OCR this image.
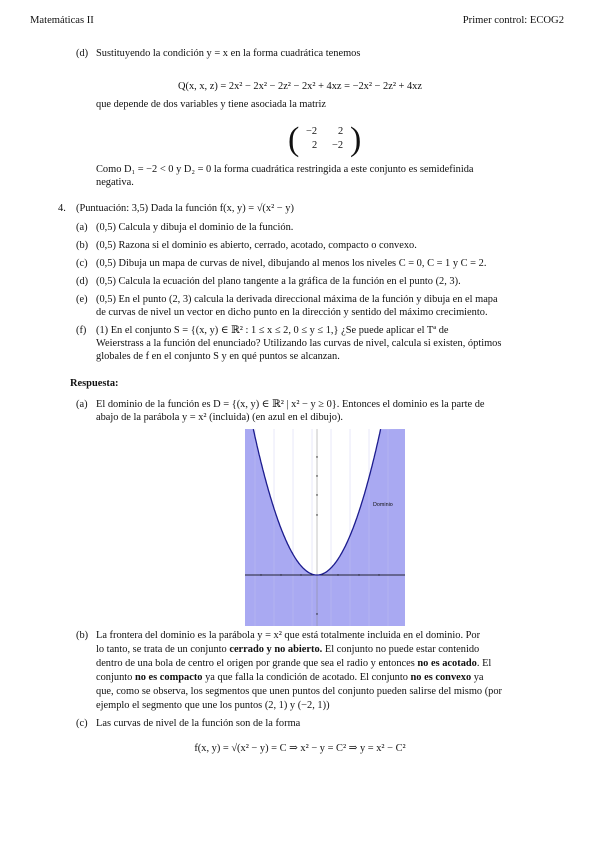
Matemáticas II	Primer control: ECOG2
(d) Sustituyendo la condición y = x en la forma cuadrática tenemos
Q(x, x, z) = 2x² − 2x² − 2z² − 2x² + 4xz = −2x² − 2z² + 4xz
que depende de dos variables y tiene asociada la matriz
( −2 2
2 −2 )
Como D₁ = −2 < 0 y D₂ = 0 la forma cuadrática restringida a este conjunto es semidefinida
negativa.
4. (Puntuación: 3,5) Dada la función f(x, y) = √(x² − y)
(a) (0,5) Calcula y dibuja el dominio de la función.
(b) (0,5) Razona si el dominio es abierto, cerrado, acotado, compacto o convexo.
(c) (0,5) Dibuja un mapa de curvas de nivel, dibujando al menos los niveles C = 0, C = 1 y C = 2.
(d) (0,5) Calcula la ecuación del plano tangente a la gráfica de la función en el punto (2, 3).
(e) (0,5) En el punto (2, 3) calcula la derivada direccional máxima de la función y dibuja en el mapa
de curvas de nivel un vector en dicho punto en la dirección y sentido del máximo crecimiento.
(f) (1) En el conjunto S = {(x, y) ∈ ℝ² : 1 ≤ x ≤ 2, 0 ≤ y ≤ 1,} ¿Se puede aplicar el Tª de
Weierstrass a la función del enunciado? Utilizando las curvas de nivel, calcula si existen, óptimos
globales de f en el conjunto S y en qué puntos se alcanzan.
Respuesta:
(a) El dominio de la función es D = {(x, y) ∈ ℝ² | x² − y ≥ 0}. Entonces el dominio es la parte de
abajo de la parábola y = x² (incluida) (en azul en el dibujo).
Dominio
(b) La frontera del dominio es la parábola y = x² que está totalmente incluida en el dominio. Por
lo tanto, se trata de un conjunto cerrado y no abierto. El conjunto no puede estar contenido
dentro de una bola de centro el origen por grande que sea el radio y entonces no es acotado. El
conjunto no es compacto ya que falla la condición de acotado. El conjunto no es convexo ya
que, como se observa, los segmentos que unen puntos del conjunto pueden salirse del mismo (por
ejemplo el segmento que une los puntos (2, 1) y (−2, 1))
(c) Las curvas de nivel de la función son de la forma
f(x, y) = √(x² − y) = C ⇒ x² − y = C² ⇒ y = x² − C²
